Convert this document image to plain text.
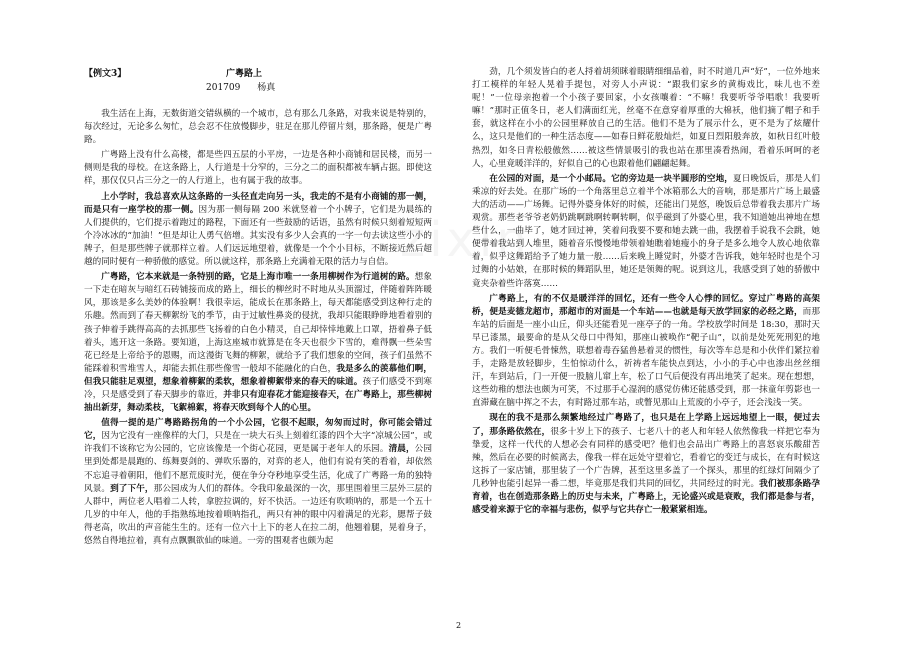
【例文3】	广粤路上
201709 杨真

我生活在上海，无数街道交错纵横的一个城市，总有那么几条路，对我来说是特别的，每次经过，无论多么匆忙，总会忍不住放慢脚步，驻足在那儿停留片刻，那条路，便是广粤路。

广粤路上没有什么高楼，都是些四五层的小平房，一边是各种小商铺和居民楼，而另一侧则是我的母校。在这条路上，人行道是十分窄的，三分之二的面积都被车辆占据。即使这样，那仅仅只占三分之一的人行道上，也有属于我的故事。

上小学时，我总喜欢从这条路的一头径直走向另一头，我走的不是有小商铺的那一侧，而是只有一座学校的那一侧。因为那一侧每隔 200 米就竖着一个小牌子，它们是为晨练的人们提供的，它们提示着跑过的路程，下面还有一些鼓励的话语，虽然有时候只刻着短短两个冷冰冰的“加油！”但是却让人勇气倍增。其实没有多少人会真的一字一句去读这些小小的牌子，但是那些牌子就那样立着。人们远远地望着，就像是一个个小目标，不断接近然后超越的同时便有一种骄傲的感觉。所以就这样，那条路上充满着无限的活力与自信。

广粤路，它本来就是一条特别的路，它是上海市唯一一条用柳树作为行道树的路。想象一下走在暗灰与暗红石砖铺接而成的路上，细长的柳丝时不时地从头顶溜过，伴随着阵阵暖风，那该是多么美妙的体验啊！我很幸运，能成长在那条路上，每天都能感受到这种行走的乐趣。然而到了春天柳絮纷飞的季节，由于过敏性鼻炎的侵扰，我却只能眼睁睁地看着别的孩子伸着手跳得高高的去抓那些飞扬着的白色小精灵，自己却悻悻地戴上口罩，捂着鼻子低着头，逃开这一条路。要知道，上海这座城市就算是在冬天也很少下雪的，难得飘一些朵雪花已经是上帝给予的恩赐，而这漫街飞舞的柳絮，就给予了我们想象的空间，孩子们虽然不能踩着积雪堆雪人，却能去抓住那些像雪一般却不能融化的白色，我是多么的羡慕他们啊，但我只能驻足观望，想象着柳絮的柔软，想象着柳絮带来的春天的味道。孩子们感受不到寒冷，只是感受到了春天脚步的靠近，并非只有迎春花才能迎接春天，在广粤路上，那些柳树抽出新芽，舞动柔枝，飞絮棉絮，将春天吹到每个人的心里。

值得一提的是广粤路路拐角的一个小公园，它很不起眼，匆匆而过时，你可能会错过它，因为它没有一座像样的大门，只是在一块大石头上刻着红漆的四个大字“凉城公园”，或许我们不该称它为公园的，它应该像是一个街心花园，更是属于老年人的乐园。清晨，公园里到处都是晨跑的、练舞耍剑的、弹吹乐器的，对弈的老人，他们有说有笑的看着，却依然不忘追寻着朝阳，他们不愿荒废时光，便在争分夺秒地享受生活，化成了广粤路一角的独特风景。到了下午，那公园成为人们的群体。令我印象最深的一次，那里围着里三层外三层的人群中，两位老人唱着二人转，拿腔拉调的，好不快活。一边还有吹唢呐的，那是一个五十几岁的中年人，他的手指熟练地按着唢呐指孔，两只有神的眼中闪着满足的光彩，腮帮子鼓得老高，吹出的声音能生生的。还有一位六十上下的老人在拉二胡，他翘着腿，晃着身子，悠然自得地拉着，真有点飘飘欲仙的味道。一旁的围观者也颇为起

劲，几个须发皆白的老人捋着胡须眯着眼睛细细品着，时不时道几声“好”，一位外地来打工模样的年轻人晃着手提包，对旁人小声说：“跟我们家乡的黄梅戏比，味儿也不差呢！”一位母亲抱着一个小孩子要回家，小女孩嚷着：“不嘛！我要听爷爷唱歌！我要听嘛！”那时正值冬日，老人们满面红光，丝毫不在意穿着厚重的大棉袄，他们摘了帽子和手套，就这样在小小的公园里释放自己的生活。他们不是为了展示什么，更不是为了炫耀什么，这只是他们的一种生活态度——如春日鲜花般灿烂，如夏日烈阳般奔放，如秋日红叶般热烈，如冬日青松般傲然……被这些情景吸引的我也站在那里凑看热闹，看着乐呵呵的老人，心里竟暖洋洋的，好似自己的心也跟着他们翩翩起舞。

在公园的对面，是一个小邮局。它的旁边是一块半圆形的空地，夏日晚饭后，那是人们乘凉的好去处。在那广场的一个角落里总立着半个冰箱那么大的音响，那是那片广场上最盛大的活动——广场舞。记得外婆身体好的时候，还能出门晃悠，晚饭后总带着我去那片广场观赏。那些老爷爷老奶奶跳啊跳啊转啊转啊，似乎磁到了外婆心里，我不知道她出神地在想些什么，一曲毕了，她才回过神，笑着问我要不要和她去跳一曲，我摆着手说我不会跳，她便带着我站到人堆里，随着音乐慢慢地带领着她瞧着她瘦小的身子是多么地令人放心地依靠着，似乎这舞蹈给予了她力量一般……后来晚上睡觉时，外婆才告诉我，她年轻时也是个习过舞的小姑娘，在那时候的舞蹈队里，她还是领舞的呢。说到这儿，我感受到了她的骄傲中竟夹杂着些许落寞……

广粤路上，有的不仅是暖洋洋的回忆，还有一些令人心悸的回忆。穿过广粤路的高架桥，便是麦德龙超市，那超市的对面是一个车站——也就是每天放学回家的必经之路，而那车站的后面是一座小山丘，仰头还能看见一座亭子的一角。学校放学时间是 18:30，那时天早已漆黑，最要命的是从父母口中得知，那座山被唤作“靶子山”，以前是处死死刑犯的地方。我们一听便毛骨悚然，联想着毒吞猛兽悬着灵的惯性，每次等车总是和小伙伴们紧拉着手，走路是放轻脚步，生怕惊动什么，祈祷者车能快点到达，小小的手心中也渗出丝丝细汗，车到站后，门一开便一股脑儿窜上车，松了口气后便没有再出地笑了起来。现在想想，这些幼稚的想法也颇为可笑，不过那手心湿润的感觉仿佛还能感受到，那一抹童年剪影也一直滞藏在脑中挥之不去，有时路过那车站，或瞥见那山上荒废的小亭子，还会浅浅一笑。

现在的我不是那么频繁地经过广粤路了，也只是在上学路上远远地望上一眼，便过去了，那条路依然在，很多十岁上下的孩子、七老八十的老人和年轻人依然像我一样把它奉为挚爱，这样一代代的人想必会有同样的感受吧？他们也会品出广粤路上的喜怒哀乐酸甜苦辣，然后在必要的时候离去，像我一样在远处守望着它，看着它的变迁与成长，在有时候这这拆了一家店铺，那里装了一个广告牌，甚至这里多盖了一个探头，那里的红绿灯间隔少了几秒钟也能引起异一番二想，毕竟那是我们共同的回忆，共同经过的时光。我们被那条路孕育着，也在创造那条路上的历史与未来，广粤路上，无论盛兴或是衰败，我们都是参与者，感受着来源于它的幸福与悲伤，似乎与它共存亡一般紧紧相连。

2
